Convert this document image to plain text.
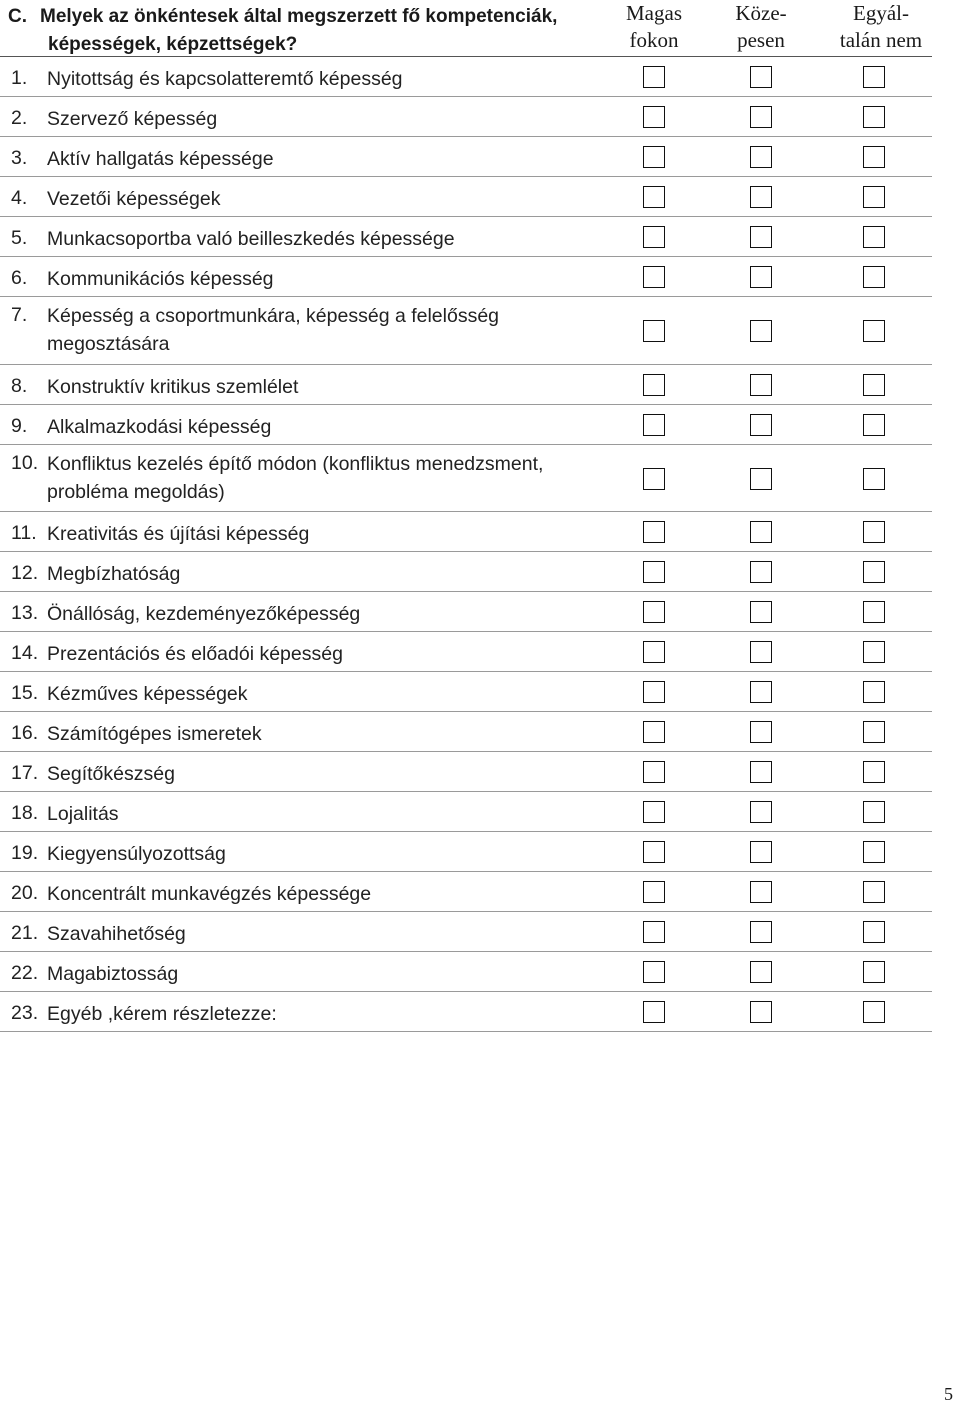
C. Melyek az önkéntesek által megszerzett fő kompetenciák,
képességek, képzettségek?
Magas
fokon
Köze-
pesen
Egyál-
talán nem
1. Nyitottság és kapcsolatteremtő képesség
2. Szervező képesség
3. Aktív hallgatás képessége
4. Vezetői képességek
5. Munkacsoportba való beilleszkedés képessége
6. Kommunikációs képesség
7. Képesség a csoportmunkára, képesség a felelősség megosztására
8. Konstruktív kritikus szemlélet
9. Alkalmazkodási képesség
10. Konfliktus kezelés építő módon (konfliktus menedzsment, probléma megoldás)
11. Kreativitás és újítási képesség
12. Megbízhatóság
13. Önállóság, kezdeményezőképesség
14. Prezentációs és előadói képesség
15. Kézműves képességek
16. Számítógépes ismeretek
17. Segítőkészség
18. Lojalitás
19. Kiegyensúlyozottság
20. Koncentrált munkavégzés képessége
21. Szavahihetőség
22. Magabiztosság
23. Egyéb ,kérem részletezze:
5
